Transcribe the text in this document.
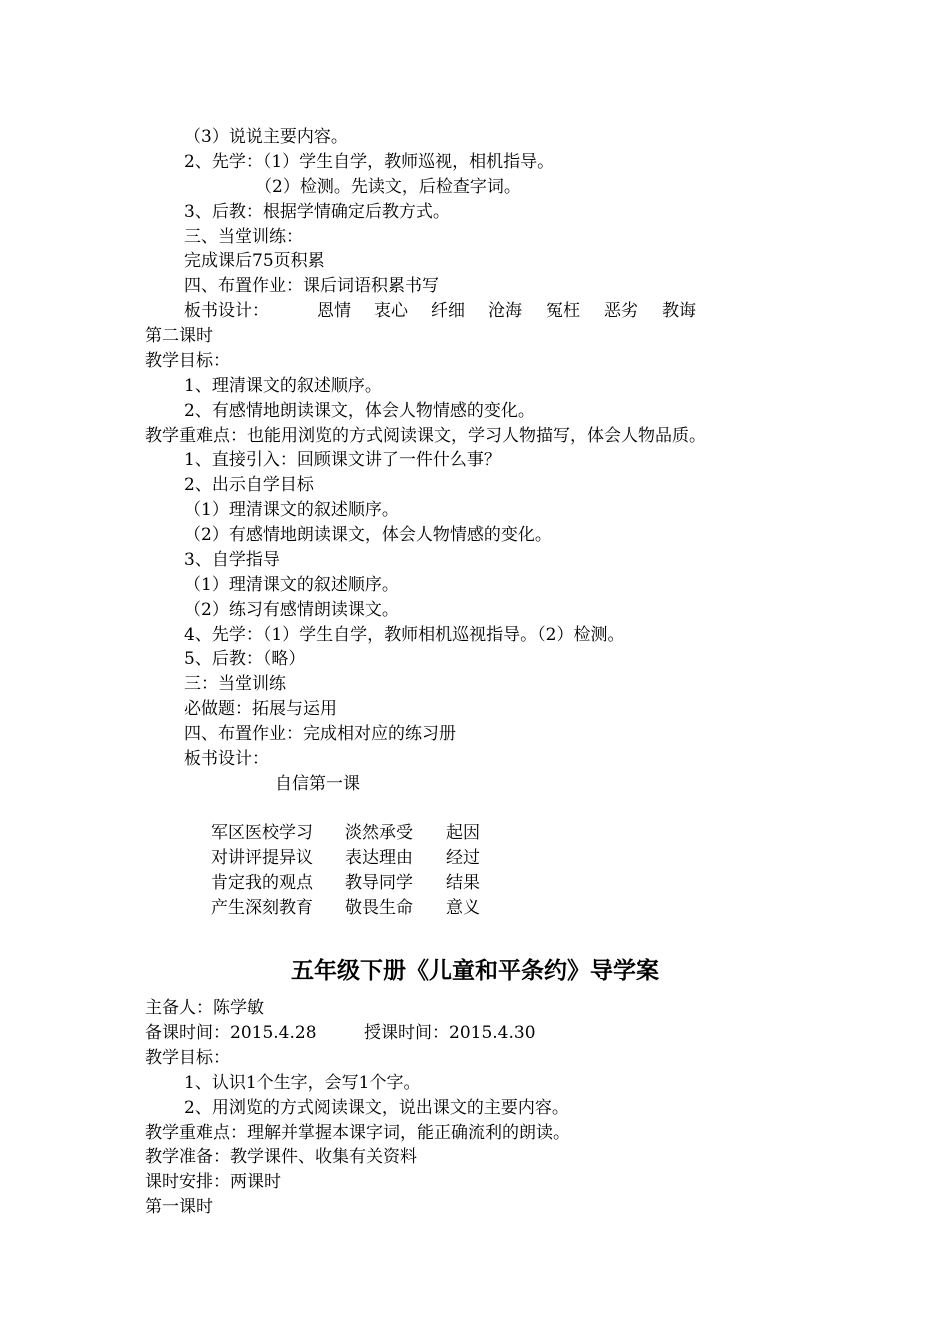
（3）说说主要内容。
2、先学：（1）学生自学，教师巡视，相机指导。
（2）检测。先读文，后检查字词。
3、后教：根据学情确定后教方式。
三、当堂训练：
完成课后75页积累
四、布置作业：课后词语积累书写
板书设计：	恩情 衷心 纤细 沧海 冤枉 恶劣 教诲
第二课时
教学目标：
1、理清课文的叙述顺序。
2、有感情地朗读课文，体会人物情感的变化。
教学重难点：也能用浏览的方式阅读课文，学习人物描写，体会人物品质。
1、直接引入：回顾课文讲了一件什么事？
2、出示自学目标
（1）理清课文的叙述顺序。
（2）有感情地朗读课文，体会人物情感的变化。
3、自学指导
（1）理清课文的叙述顺序。
（2）练习有感情朗读课文。
4、先学：（1）学生自学，教师相机巡视指导。（2）检测。
5、后教：（略）
三：当堂训练
必做题：拓展与运用
四、布置作业：完成相对应的练习册
板书设计：
自信第一课
军区医校学习 淡然承受 起因
对讲评提异议 表达理由 经过
肯定我的观点 教导同学 结果
产生深刻教育 敬畏生命 意义
五年级下册《儿童和平条约》导学案
主备人：陈学敏
备课时间：2015.4.28	授课时间：2015.4.30
教学目标：
1、认识1个生字，会写1个字。
2、用浏览的方式阅读课文，说出课文的主要内容。
教学重难点：理解并掌握本课字词，能正确流利的朗读。
教学准备：教学课件、收集有关资料
课时安排：两课时
第一课时
